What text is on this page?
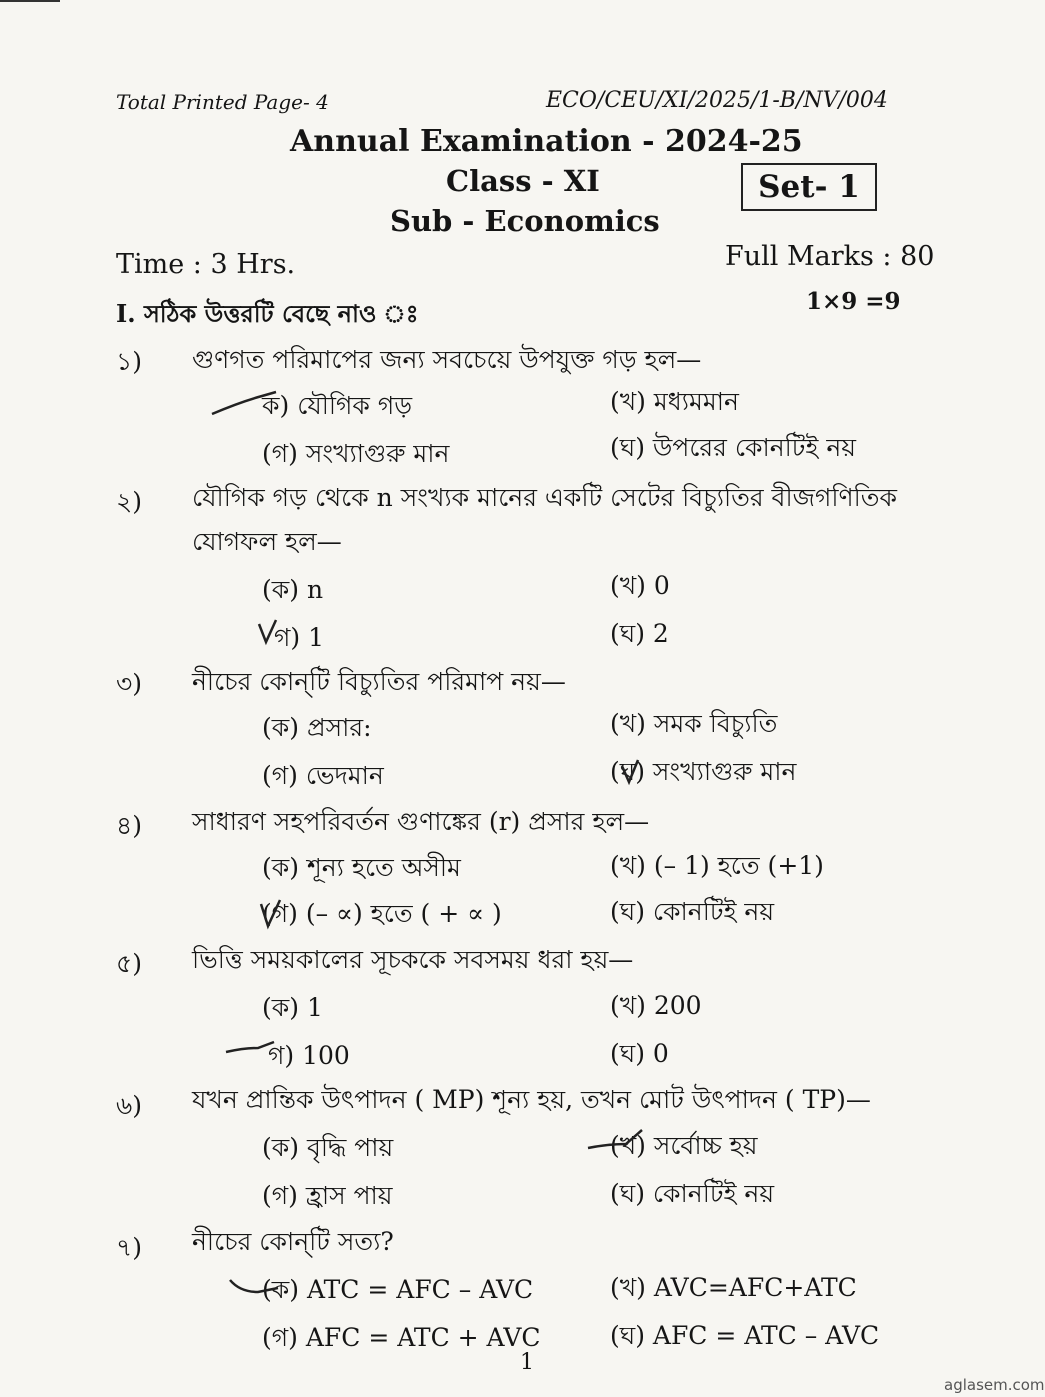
Total Printed Page- 4	ECO/CEU/XI/2025/1-B/NV/004
Annual Examination - 2024-25
Class - XI
Sub - Economics
Set- 1
Time : 3 Hrs.	Full Marks : 80
I. সঠিক উত্তরটি বেছে নাও ঃ	1×9 =9
১) গুণগত পরিমাপের জন্য সবচেয়ে উপযুক্ত গড় হল—
ক) যৌগিক গড়	(খ) মধ্যমমান
(গ) সংখ্যাগুরু মান	(ঘ) উপরের কোনটিই নয়
২) যৌগিক গড় থেকে n সংখ্যক মানের একটি সেটের বিচ্যুতির বীজগণিতিক
যোগফল হল—
(ক) n	(খ) 0
গ) 1	(ঘ) 2
৩) নীচের কোন্‌টি বিচ্যুতির পরিমাপ নয়—
(ক) প্রসার:	(খ) সমক বিচ্যুতি
(গ) ভেদমান	(ঘ) সংখ্যাগুরু মান
৪) সাধারণ সহপরিবর্তন গুণাঙ্কের (r) প্রসার হল—
(ক) শূন্য হতে অসীম	(খ) (– 1) হতে (+1)
(গ) (– ∝) হতে ( + ∝ )	(ঘ) কোনটিই নয়
৫) ভিত্তি সময়কালের সূচককে সবসময় ধরা হয়—
(ক) 1	(খ) 200
গ) 100	(ঘ) 0
৬) যখন প্রান্তিক উৎপাদন ( MP) শূন্য হয়, তখন মোট উৎপাদন ( TP)—
(ক) বৃদ্ধি পায়	(খ) সর্বোচ্চ হয়
(গ) হ্রাস পায়	(ঘ) কোনটিই নয়
৭) নীচের কোন্‌টি সত্য?
(ক) ATC = AFC – AVC	(খ) AVC=AFC+ATC
(গ) AFC = ATC + AVC	(ঘ) AFC = ATC – AVC
1
aglasem.com
